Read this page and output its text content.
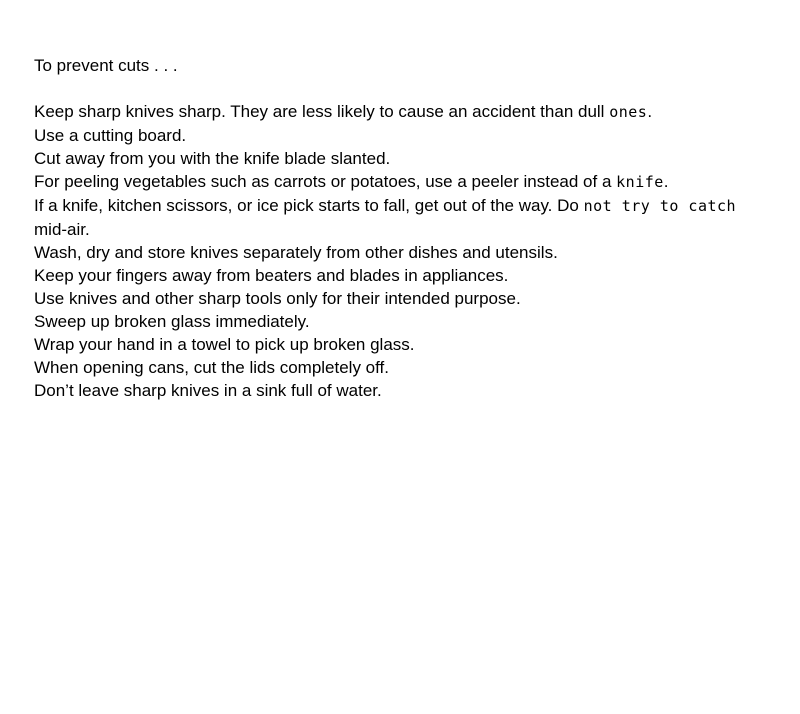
To prevent cuts . . .
Keep sharp knives sharp. They are less likely to cause an accident than dull ones.
Use a cutting board.
Cut away from you with the knife blade slanted.
For peeling vegetables such as carrots or potatoes, use a peeler instead of a knife.
If a knife, kitchen scissors, or ice pick starts to fall, get out of the way. Do not try to catch
mid-air.
Wash, dry and store knives separately from other dishes and utensils.
Keep your fingers away from beaters and blades in appliances.
Use knives and other sharp tools only for their intended purpose.
Sweep up broken glass immediately.
Wrap your hand in a towel to pick up broken glass.
When opening cans, cut the lids completely off.
Don’t leave sharp knives in a sink full of water.
